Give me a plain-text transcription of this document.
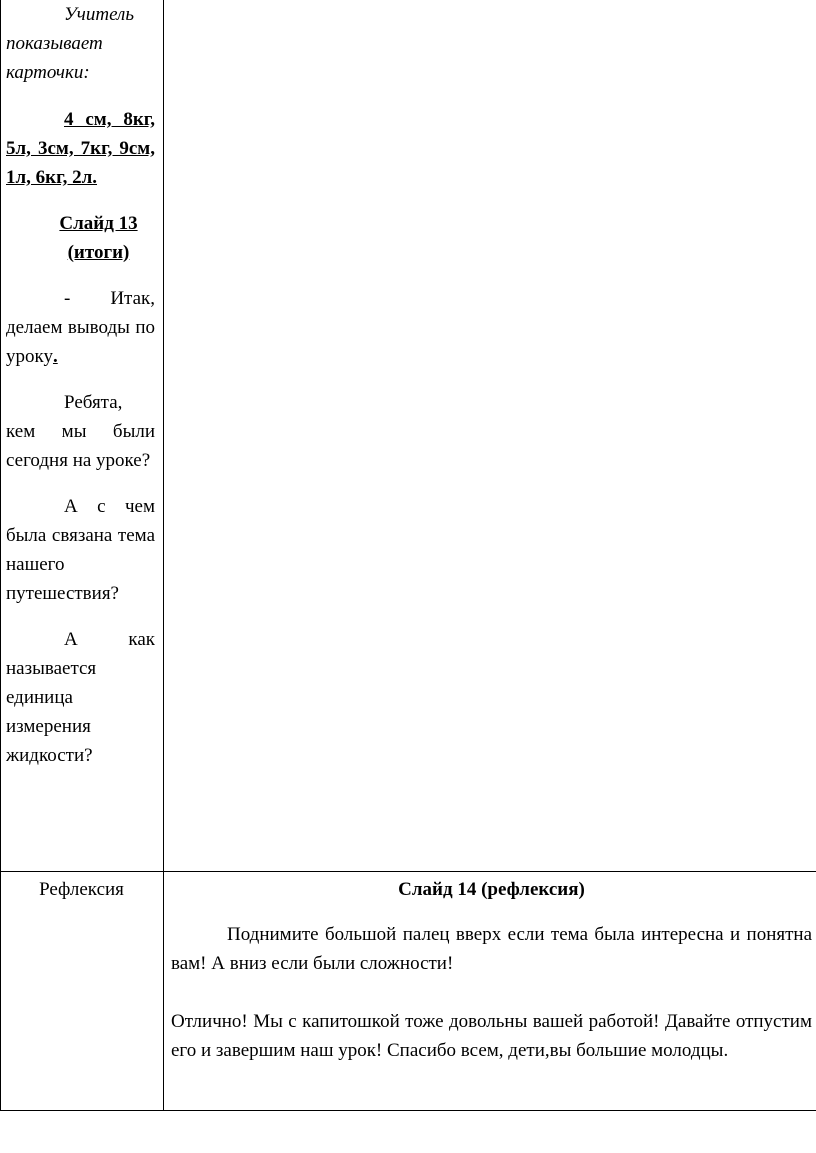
Учитель показывает карточки:

4 см, 8кг, 5л, 3см, 7кг, 9см, 1л, 6кг, 2л.

Слайд 13 (итоги)

- Итак, делаем выводы по уроку.

Ребята, кем мы были сегодня на уроке?

А с чем была связана тема нашего путешествия?

А как называется единица измерения жидкости?

Рефлексия	Слайд 14 (рефлексия)

Поднимите большой палец вверх если тема была интересна и понятна вам! А вниз если были сложности!

Отлично! Мы с капитошкой тоже довольны вашей работой! Давайте отпустим его и завершим наш урок! Спасибо всем, дети,вы большие молодцы.
